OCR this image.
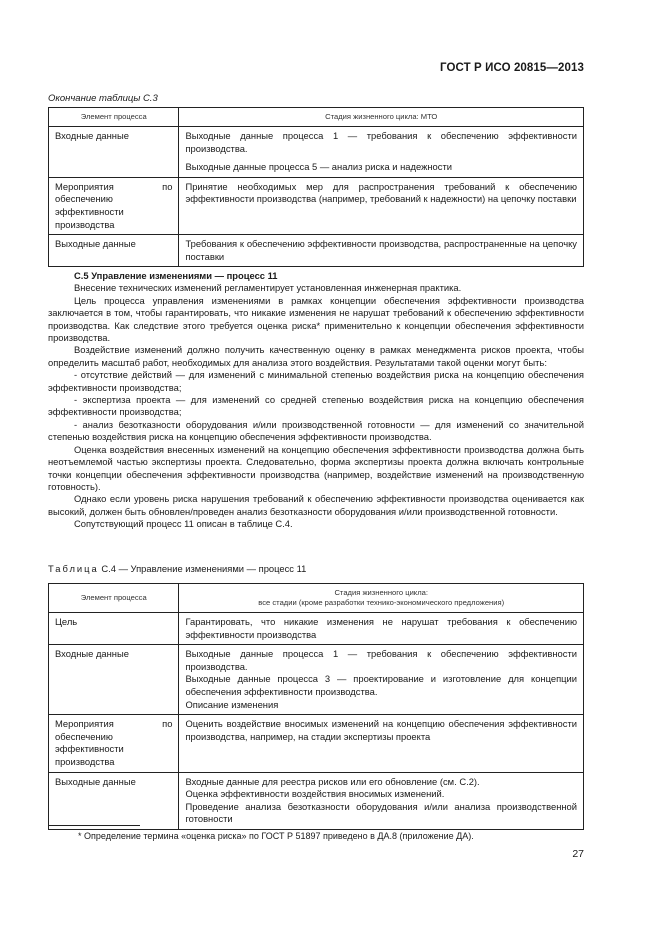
ГОСТ Р ИСО 20815—2013
Окончание таблицы С.3
Элемент процесса	Стадия жизненного цикла: МТО
Входные данные	Выходные данные процесса 1 — требования к обеспечению эффективности производства.

Выходные данные процесса 5 — анализ риска и надежности

Мероприятия по обеспечению эффективности производства	Принятие необходимых мер для распространения требований к обеспечению эффективности производства (например, требований к надежности) на цепочку поставки
Выходные данные	Требования к обеспечению эффективности производства, распространенные на цепочку поставки

С.5 Управление изменениями — процесс 11

Внесение технических изменений регламентирует установленная инженерная практика.

Цель процесса управления изменениями в рамках концепции обеспечения эффективности производства заключается в том, чтобы гарантировать, что никакие изменения не нарушат требований к обеспечению эффективности производства. Как следствие этого требуется оценка риска* применительно к концепции обеспечения эффективности производства.

Воздействие изменений должно получить качественную оценку в рамках менеджмента рисков проекта, чтобы определить масштаб работ, необходимых для анализа этого воздействия. Результатами такой оценки могут быть:

- отсутствие действий — для изменений с минимальной степенью воздействия риска на концепцию обеспечения эффективности производства;

- экспертиза проекта — для изменений со средней степенью воздействия риска на концепцию обеспечения эффективности производства;

- анализ безотказности оборудования и/или производственной готовности — для изменений со значительной степенью воздействия риска на концепцию обеспечения эффективности производства.

Оценка воздействия внесенных изменений на концепцию обеспечения эффективности производства должна быть неотъемлемой частью экспертизы проекта. Следовательно, форма экспертизы проекта должна включать контрольные точки концепции обеспечения эффективности производства (например, воздействие изменений на производственную готовность).

Однако если уровень риска нарушения требований к обеспечению эффективности производства оценивается как высокий, должен быть обновлен/проведен анализ безотказности оборудования и/или производственной готовности.

Сопутствующий процесс 11 описан в таблице С.4.

Таблица С.4 — Управление изменениями — процесс 11
Элемент процесса	Стадия жизненного цикла:
все стадии (кроме разработки технико-экономического предложения)

Цель	Гарантировать, что никакие изменения не нарушат требования к обеспечению эффективности производства
Входные данные	Выходные данные процесса 1 — требования к обеспечению эффективности производства.

Выходные данные процесса 3 — проектирование и изготовление для концепции обеспечения эффективности производства.

Описание изменения

Мероприятия по обеспечению эффективности производства	Оценить воздействие вносимых изменений на концепцию обеспечения эффективности производства, например, на стадии экспертизы проекта
Выходные данные	Входные данные для реестра рисков или его обновление (см. С.2).

Оценка эффективности воздействия вносимых изменений.

Проведение анализа безотказности оборудования и/или анализа производственной готовности

* Определение термина «оценка риска» по ГОСТ Р 51897 приведено в ДА.8 (приложение ДА).
27
